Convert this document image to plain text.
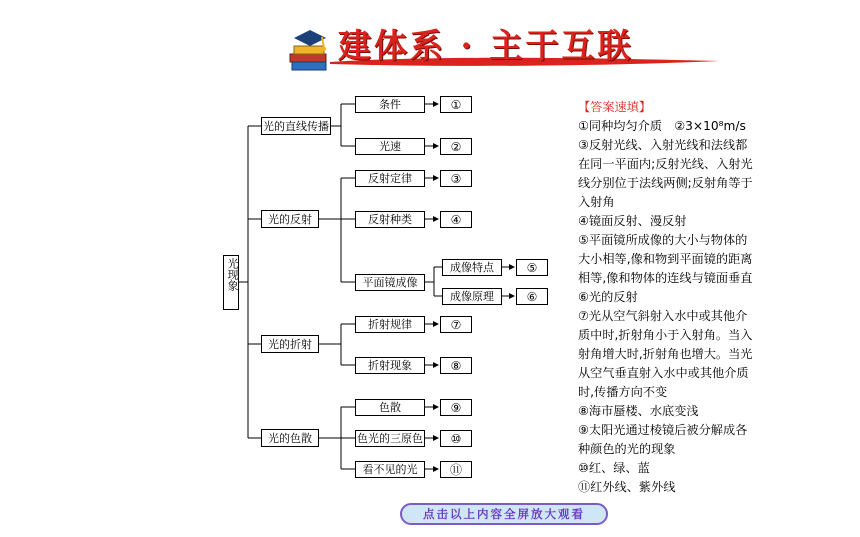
建体系 · 主干互联
光现象
光的直线传播
光的反射
光的折射
光的色散
条件
光速
反射定律
反射种类
平面镜成像
折射规律
折射现象
色散
色光的三原色
看不见的光
成像特点
成像原理
①
②
③
④
⑤
⑥
⑦
⑧
⑨
⑩
⑪
【答案速填】
①同种均匀介质　②3×10⁸m/s
③反射光线、入射光线和法线都
在同一平面内;反射光线、入射光
线分别位于法线两侧;反射角等于
入射角
④镜面反射、漫反射
⑤平面镜所成像的大小与物体的
大小相等,像和物到平面镜的距离
相等,像和物体的连线与镜面垂直
⑥光的反射
⑦光从空气斜射入水中或其他介
质中时,折射角小于入射角。当入
射角增大时,折射角也增大。当光
从空气垂直射入水中或其他介质
时,传播方向不变
⑧海市蜃楼、水底变浅
⑨太阳光通过棱镜后被分解成各
种颜色的光的现象
⑩红、绿、蓝
⑪红外线、紫外线
点击以上内容全屏放大观看
